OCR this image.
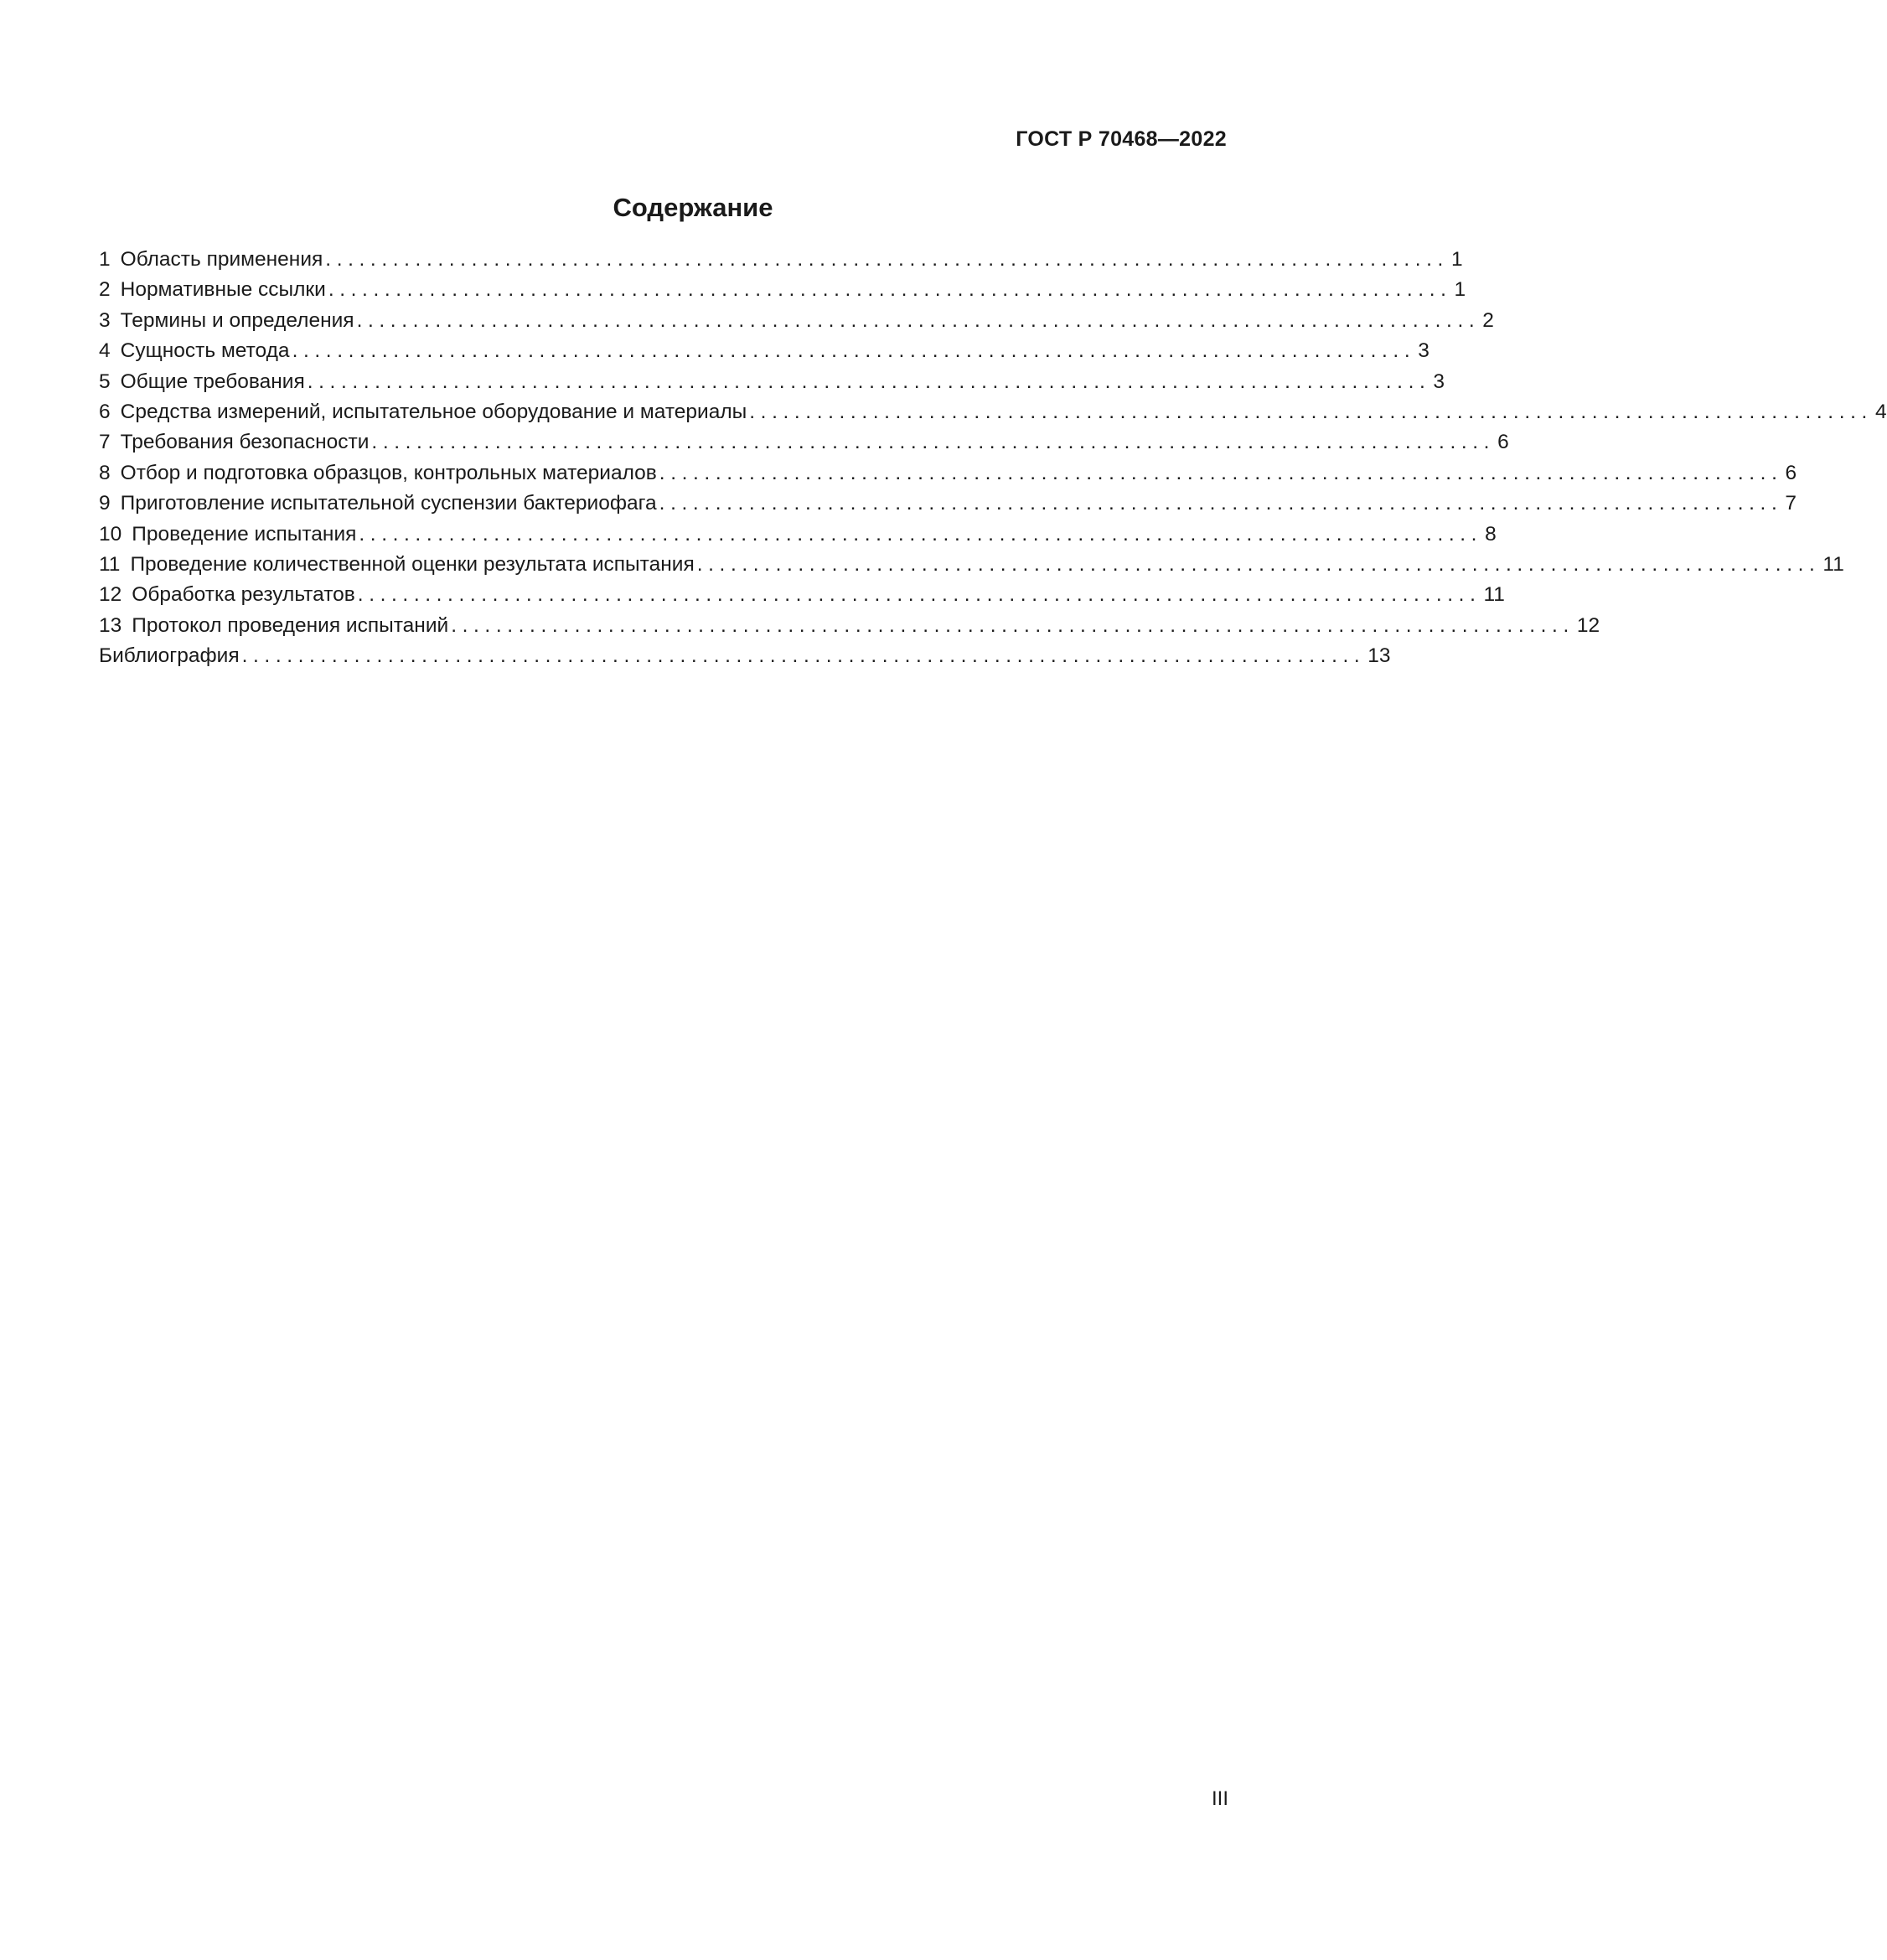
ГОСТ Р 70468—2022
Содержание
1 Область применения .................................................................................................... 1
2 Нормативные ссылки .................................................................................................... 1
3 Термины и определения .................................................................................................... 2
4 Сущность метода .................................................................................................... 3
5 Общие требования .................................................................................................... 3
6 Средства измерений, испытательное оборудование и материалы .................................................................................................... 4
7 Требования безопасности .................................................................................................... 6
8 Отбор и подготовка образцов, контрольных материалов .................................................................................................... 6
9 Приготовление испытательной суспензии бактериофага .................................................................................................... 7
10 Проведение испытания .................................................................................................... 8
11 Проведение количественной оценки результата испытания .................................................................................................... 11
12 Обработка результатов .................................................................................................... 11
13 Протокол проведения испытаний .................................................................................................... 12
Библиография .................................................................................................... 13
III
